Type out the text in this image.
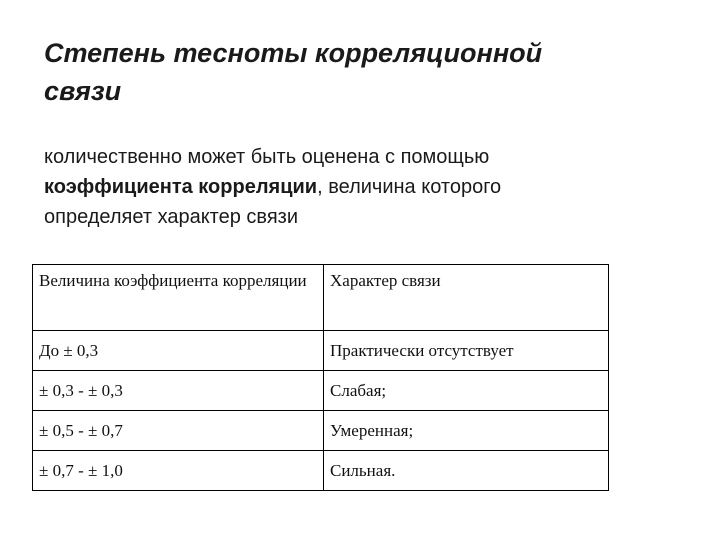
Степень тесноты корреляционной
связи
количественно может быть оценена с помощью
коэффициента корреляции, величина которого
определяет характер связи
Величина коэффициента корреляции	Характер связи
До ± 0,3	Практически отсутствует
± 0,3 - ± 0,3	Слабая;
± 0,5 - ± 0,7	Умеренная;
± 0,7 - ± 1,0	Сильная.
